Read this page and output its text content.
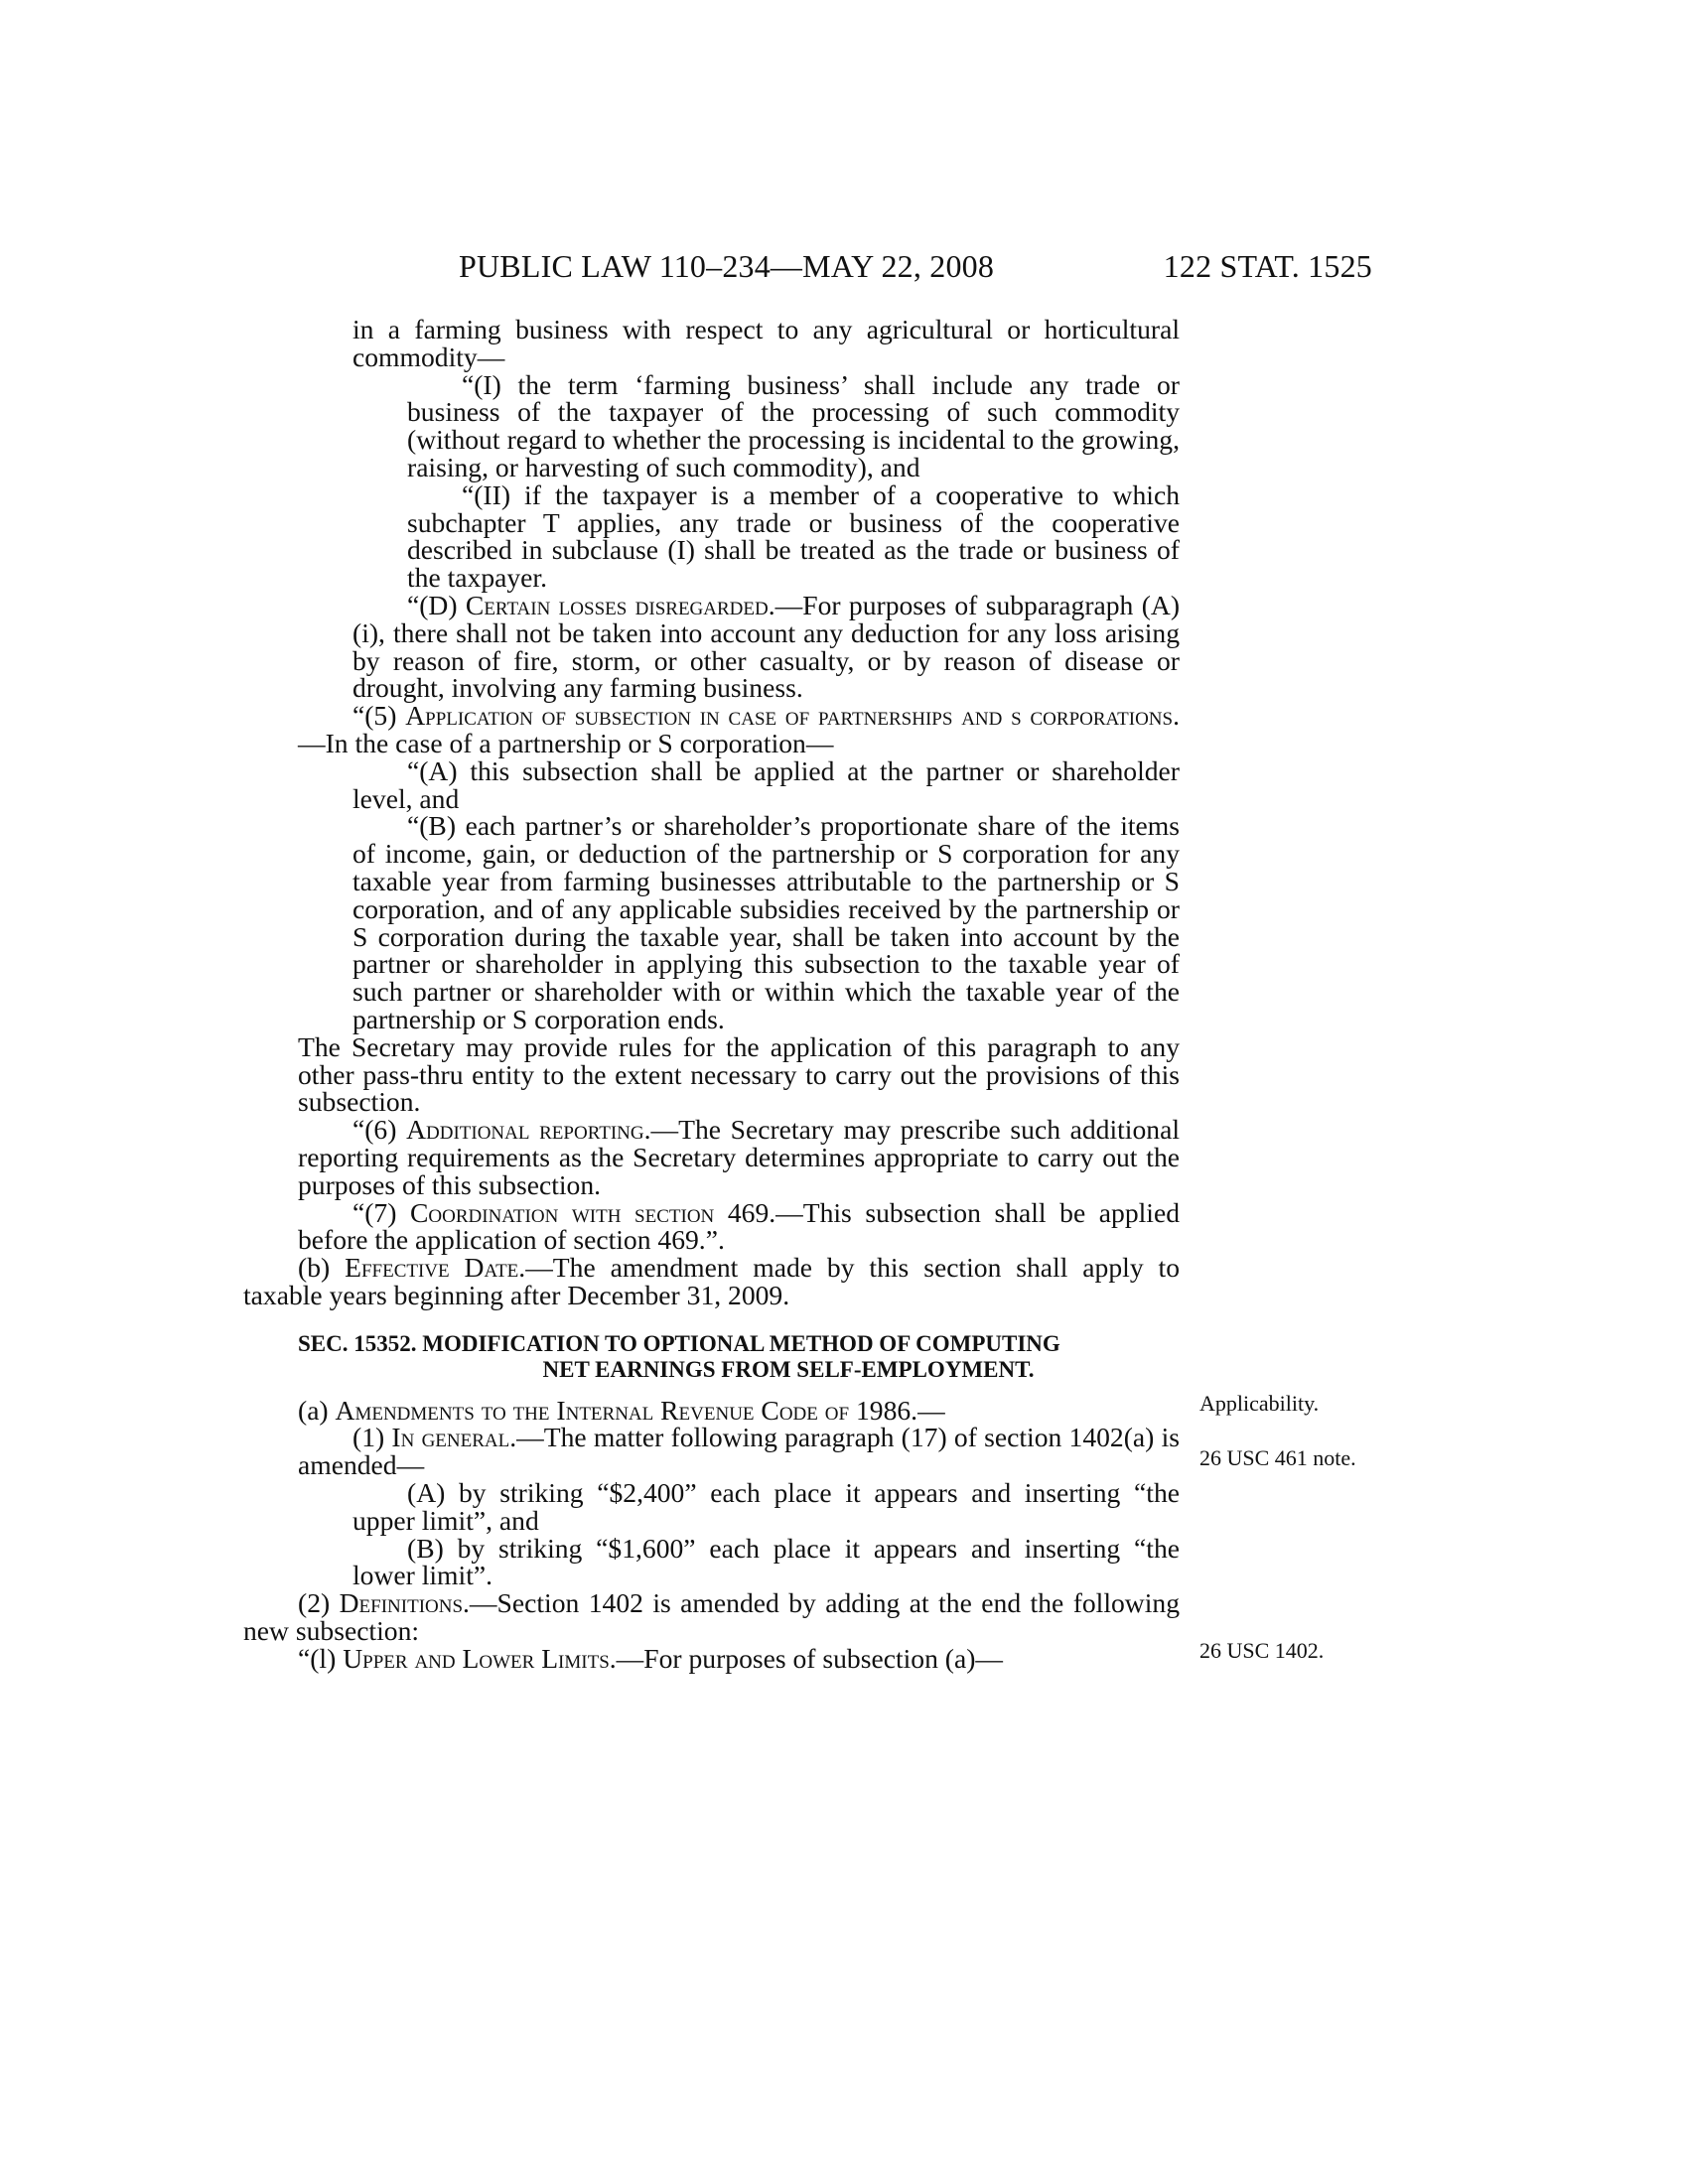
PUBLIC LAW 110–234—MAY 22, 2008	122 STAT. 1525

in a farming business with respect to any agricultural or horticultural commodity—

“(I) the term ‘farming business’ shall include any trade or business of the taxpayer of the processing of such commodity (without regard to whether the processing is incidental to the growing, raising, or harvesting of such commodity), and

“(II) if the taxpayer is a member of a cooperative to which subchapter T applies, any trade or business of the cooperative described in subclause (I) shall be treated as the trade or business of the taxpayer.

“(D) Certain losses disregarded.—For purposes of subparagraph (A)(i), there shall not be taken into account any deduction for any loss arising by reason of fire, storm, or other casualty, or by reason of disease or drought, involving any farming business.

“(5) Application of subsection in case of partnerships and s corporations.—In the case of a partnership or S corporation—

“(A) this subsection shall be applied at the partner or shareholder level, and

“(B) each partner’s or shareholder’s proportionate share of the items of income, gain, or deduction of the partnership or S corporation for any taxable year from farming businesses attributable to the partnership or S corporation, and of any applicable subsidies received by the partnership or S corporation during the taxable year, shall be taken into account by the partner or shareholder in applying this subsection to the taxable year of such partner or shareholder with or within which the taxable year of the partnership or S corporation ends.

The Secretary may provide rules for the application of this paragraph to any other pass-thru entity to the extent necessary to carry out the provisions of this subsection.

“(6) Additional reporting.—The Secretary may prescribe such additional reporting requirements as the Secretary determines appropriate to carry out the purposes of this subsection.

“(7) Coordination with section 469.—This subsection shall be applied before the application of section 469.”.

(b) Effective Date.—The amendment made by this section shall apply to taxable years beginning after December 31, 2009.

SEC. 15352. MODIFICATION TO OPTIONAL METHOD OF COMPUTING
NET EARNINGS FROM SELF-EMPLOYMENT.

(a) Amendments to the Internal Revenue Code of 1986.—

(1) In general.—The matter following paragraph (17) of section 1402(a) is amended—

(A) by striking “$2,400” each place it appears and inserting “the upper limit”, and

(B) by striking “$1,600” each place it appears and inserting “the lower limit”.

(2) Definitions.—Section 1402 is amended by adding at the end the following new subsection:

“(l) Upper and Lower Limits.—For purposes of subsection (a)—

Applicability.
26 USC 461 note.
26 USC 1402.
